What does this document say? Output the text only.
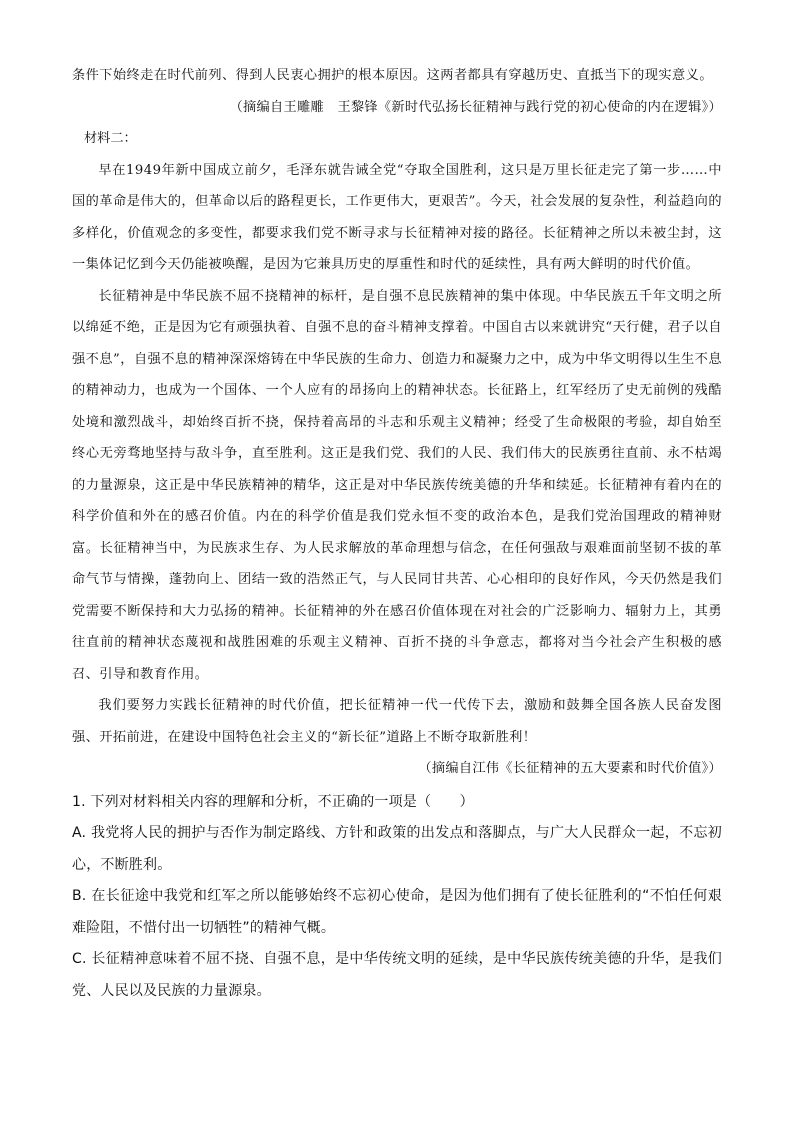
条件下始终走在时代前列、得到人民衷心拥护的根本原因。这两者都具有穿越历史、直抵当下的现实意义。

（摘编自王雕雕　王黎锋《新时代弘扬长征精神与践行党的初心使命的内在逻辑》）

材料二：

早在1949年新中国成立前夕，毛泽东就告诫全党“夺取全国胜利，这只是万里长征走完了第一步……中国的革命是伟大的，但革命以后的路程更长，工作更伟大，更艰苦”。今天，社会发展的复杂性，利益趋向的多样化，价值观念的多变性，都要求我们党不断寻求与长征精神对接的路径。长征精神之所以未被尘封，这一集体记忆到今天仍能被唤醒，是因为它兼具历史的厚重性和时代的延续性，具有两大鲜明的时代价值。

长征精神是中华民族不屈不挠精神的标杆，是自强不息民族精神的集中体现。中华民族五千年文明之所以绵延不绝，正是因为它有顽强执着、自强不息的奋斗精神支撑着。中国自古以来就讲究“天行健，君子以自强不息”，自强不息的精神深深熔铸在中华民族的生命力、创造力和凝聚力之中，成为中华文明得以生生不息的精神动力，也成为一个国体、一个人应有的昂扬向上的精神状态。长征路上，红军经历了史无前例的残酷处境和激烈战斗，却始终百折不挠，保持着高昂的斗志和乐观主义精神；经受了生命极限的考验，却自始至终心无旁骛地坚持与敌斗争，直至胜利。这正是我们党、我们的人民、我们伟大的民族勇往直前、永不枯竭的力量源泉，这正是中华民族精神的精华，这正是对中华民族传统美德的升华和续延。长征精神有着内在的科学价值和外在的感召价值。内在的科学价值是我们党永恒不变的政治本色，是我们党治国理政的精神财富。长征精神当中，为民族求生存、为人民求解放的革命理想与信念，在任何强敌与艰难面前坚韧不拔的革命气节与情操，蓬勃向上、团结一致的浩然正气，与人民同甘共苦、心心相印的良好作风，今天仍然是我们党需要不断保持和大力弘扬的精神。长征精神的外在感召价值体现在对社会的广泛影响力、辐射力上，其勇往直前的精神状态蔑视和战胜困难的乐观主义精神、百折不挠的斗争意志，都将对当今社会产生积极的感召、引导和教育作用。

我们要努力实践长征精神的时代价值，把长征精神一代一代传下去，激励和鼓舞全国各族人民奋发图强、开拓前进，在建设中国特色社会主义的“新长征”道路上不断夺取新胜利！

（摘编自江伟《长征精神的五大要素和时代价值》）

1. 下列对材料相关内容的理解和分析，不正确的一项是（　　）

A. 我党将人民的拥护与否作为制定路线、方针和政策的出发点和落脚点，与广大人民群众一起，不忘初心，不断胜利。

B. 在长征途中我党和红军之所以能够始终不忘初心使命，是因为他们拥有了使长征胜利的“不怕任何艰难险阻，不惜付出一切牺牲”的精神气概。

C. 长征精神意味着不屈不挠、自强不息，是中华传统文明的延续，是中华民族传统美德的升华，是我们党、人民以及民族的力量源泉。
